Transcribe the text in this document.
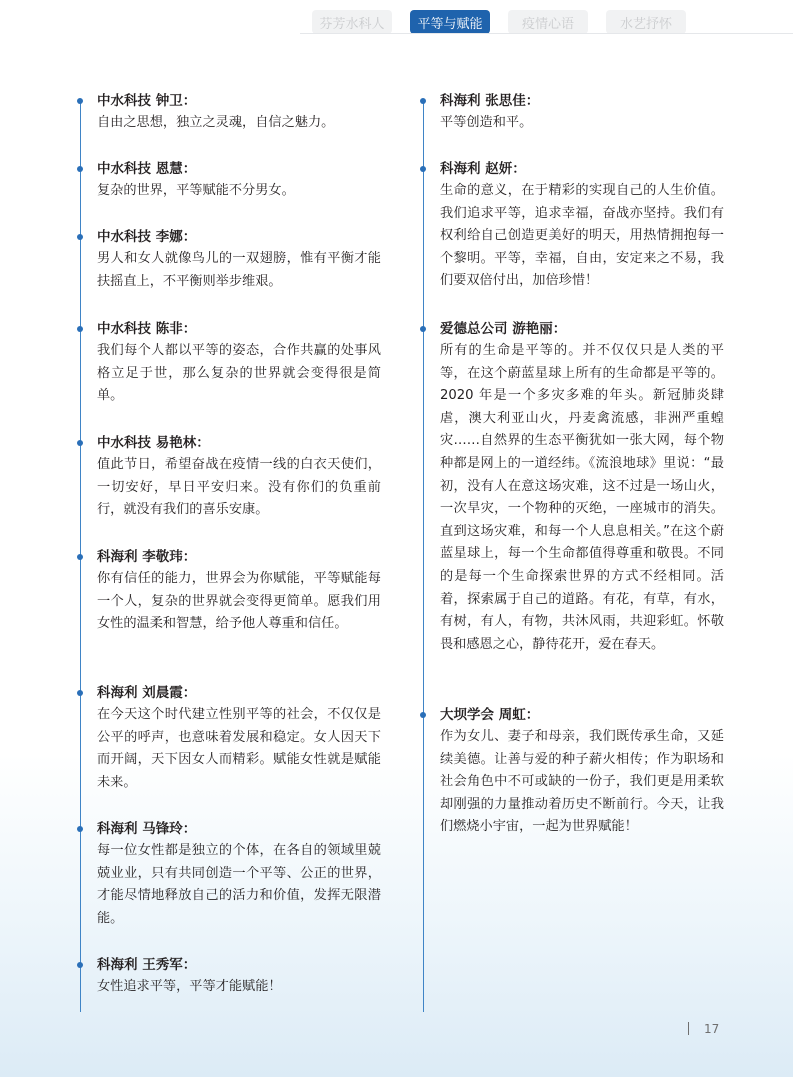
芬芳水科人	平等与赋能	疫情心语	水艺抒怀
中水科技 钟卫：
自由之思想，独立之灵魂，自信之魅力。
中水科技 恩慧：
复杂的世界，平等赋能不分男女。
中水科技 李娜：
男人和女人就像鸟儿的一双翅膀，惟有平衡才能扶摇直上，不平衡则举步维艰。
中水科技 陈非：
我们每个人都以平等的姿态，合作共赢的处事风格立足于世，那么复杂的世界就会变得很是简单。
中水科技 易艳林：
值此节日，希望奋战在疫情一线的白衣天使们，一切安好，早日平安归来。没有你们的负重前行，就没有我们的喜乐安康。
科海利 李敬玮：
你有信任的能力，世界会为你赋能，平等赋能每一个人，复杂的世界就会变得更简单。愿我们用女性的温柔和智慧，给予他人尊重和信任。
科海利 刘晨霞：
在今天这个时代建立性别平等的社会，不仅仅是公平的呼声，也意味着发展和稳定。女人因天下而开阔，天下因女人而精彩。赋能女性就是赋能未来。
科海利 马锋玲：
每一位女性都是独立的个体，在各自的领域里兢兢业业，只有共同创造一个平等、公正的世界，才能尽情地释放自己的活力和价值，发挥无限潜能。
科海利 王秀军：
女性追求平等，平等才能赋能！
科海利 张思佳：
平等创造和平。
科海利 赵妍：
生命的意义，在于精彩的实现自己的人生价值。我们追求平等，追求幸福，奋战亦坚持。我们有权利给自己创造更美好的明天，用热情拥抱每一个黎明。平等，幸福，自由，安定来之不易，我们要双倍付出，加倍珍惜！
爱德总公司 游艳丽：
所有的生命是平等的。并不仅仅只是人类的平等，在这个蔚蓝星球上所有的生命都是平等的。2020 年是一个多灾多难的年头。新冠肺炎肆虐，澳大利亚山火，丹麦禽流感，非洲严重蝗灾……自然界的生态平衡犹如一张大网，每个物种都是网上的一道经纬。《流浪地球》里说：“最初，没有人在意这场灾难，这不过是一场山火，一次旱灾，一个物种的灭绝，一座城市的消失。直到这场灾难，和每一个人息息相关。”在这个蔚蓝星球上，每一个生命都值得尊重和敬畏。不同的是每一个生命探索世界的方式不经相同。活着，探索属于自己的道路。有花，有草，有水，有树，有人，有物，共沐风雨，共迎彩虹。怀敬畏和感恩之心，静待花开，爱在春天。
大坝学会 周虹：
作为女儿、妻子和母亲，我们既传承生命，又延续美德。让善与爱的种子薪火相传；作为职场和社会角色中不可或缺的一份子，我们更是用柔软却刚强的力量推动着历史不断前行。今天，让我们燃烧小宇宙，一起为世界赋能！
17
